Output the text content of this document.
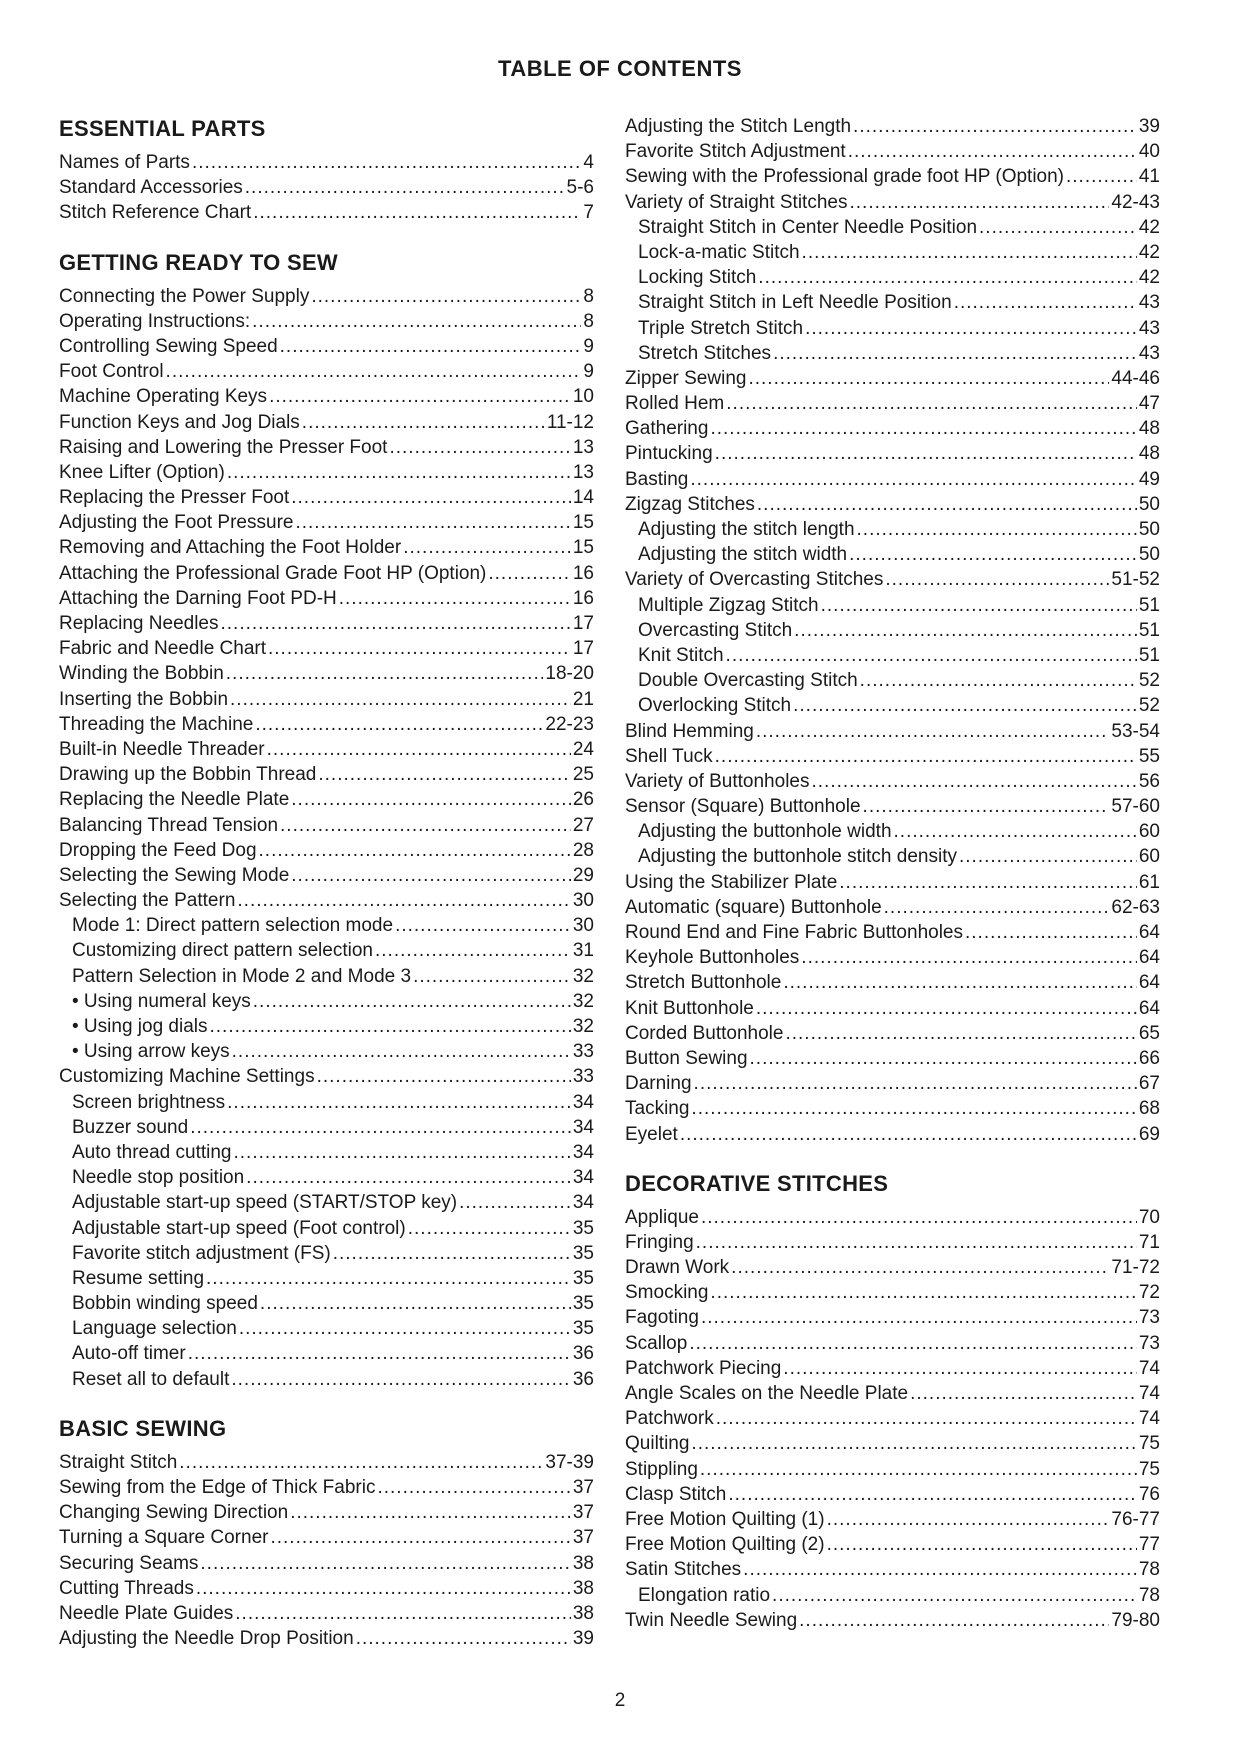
TABLE OF CONTENTS
ESSENTIAL PARTS
Names of Parts .....	4
Standard Accessories .....	5-6
Stitch Reference Chart .....	7
GETTING READY TO SEW
Connecting the Power Supply .....	8
Operating Instructions: .....	8
Controlling Sewing Speed .....	9
Foot Control .....	9
Machine Operating Keys .....	10
Function Keys and Jog Dials .....	11-12
Raising and Lowering the Presser Foot .....	13
Knee Lifter (Option) .....	13
Replacing the Presser Foot .....	14
Adjusting the Foot Pressure .....	15
Removing and Attaching the Foot Holder .....	15
Attaching the Professional Grade Foot HP (Option) .....	16
Attaching the Darning Foot PD-H .....	16
Replacing Needles .....	17
Fabric and Needle Chart .....	17
Winding the Bobbin .....	18-20
Inserting the Bobbin .....	21
Threading the Machine .....	22-23
Built-in Needle Threader .....	24
Drawing up the Bobbin Thread .....	25
Replacing the Needle Plate .....	26
Balancing Thread Tension .....	27
Dropping the Feed Dog .....	28
Selecting the Sewing Mode .....	29
Selecting the Pattern .....	30
Mode 1: Direct pattern selection mode .....	30
Customizing direct pattern selection .....	31
Pattern Selection in Mode 2 and Mode 3 .....	32
• Using numeral keys .....	32
• Using jog dials .....	32
• Using arrow keys .....	33
Customizing Machine Settings .....	33
Screen brightness .....	34
Buzzer sound .....	34
Auto thread cutting .....	34
Needle stop position .....	34
Adjustable start-up speed (START/STOP key) .....	34
Adjustable start-up speed (Foot control) .....	35
Favorite stitch adjustment (FS) .....	35
Resume setting .....	35
Bobbin winding speed .....	35
Language selection .....	35
Auto-off timer .....	36
Reset all to default .....	36
BASIC SEWING
Straight Stitch .....	37-39
Sewing from the Edge of Thick Fabric .....	37
Changing Sewing Direction .....	37
Turning a Square Corner .....	37
Securing Seams .....	38
Cutting Threads .....	38
Needle Plate Guides .....	38
Adjusting the Needle Drop Position .....	39
Adjusting the Stitch Length .....	39
Favorite Stitch Adjustment .....	40
Sewing with the Professional grade foot HP (Option) .....	41
Variety of Straight Stitches .....	42-43
Straight Stitch in Center Needle Position .....	42
Lock-a-matic Stitch .....	42
Locking Stitch .....	42
Straight Stitch in Left Needle Position .....	43
Triple Stretch Stitch .....	43
Stretch Stitches .....	43
Zipper Sewing .....	44-46
Rolled Hem .....	47
Gathering .....	48
Pintucking .....	48
Basting .....	49
Zigzag Stitches .....	50
Adjusting the stitch length .....	50
Adjusting the stitch width .....	50
Variety of Overcasting Stitches .....	51-52
Multiple Zigzag Stitch .....	51
Overcasting Stitch .....	51
Knit Stitch .....	51
Double Overcasting Stitch .....	52
Overlocking Stitch .....	52
Blind Hemming .....	53-54
Shell Tuck .....	55
Variety of Buttonholes .....	56
Sensor (Square) Buttonhole .....	57-60
Adjusting the buttonhole width .....	60
Adjusting the buttonhole stitch density .....	60
Using the Stabilizer Plate .....	61
Automatic (square) Buttonhole .....	62-63
Round End and Fine Fabric Buttonholes .....	64
Keyhole Buttonholes .....	64
Stretch Buttonhole .....	64
Knit Buttonhole .....	64
Corded Buttonhole .....	65
Button Sewing .....	66
Darning .....	67
Tacking .....	68
Eyelet .....	69
DECORATIVE STITCHES
Applique .....	70
Fringing .....	71
Drawn Work .....	71-72
Smocking .....	72
Fagoting .....	73
Scallop .....	73
Patchwork Piecing .....	74
Angle Scales on the Needle Plate .....	74
Patchwork .....	74
Quilting .....	75
Stippling .....	75
Clasp Stitch .....	76
Free Motion Quilting (1) .....	76-77
Free Motion Quilting (2) .....	77
Satin Stitches .....	78
Elongation ratio .....	78
Twin Needle Sewing .....	79-80
2
